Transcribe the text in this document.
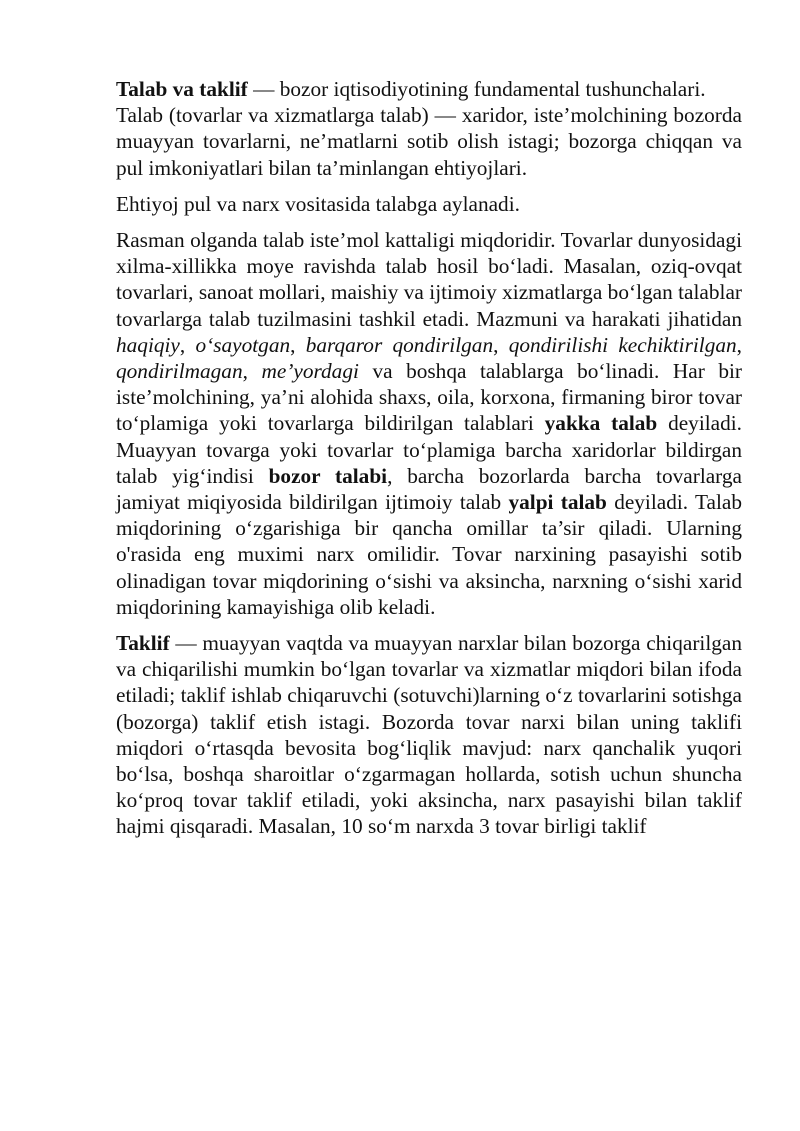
Talab va taklif — bozor iqtisodiyotining fundamental tushunchalari.

Talab (tovarlar va xizmatlarga talab) — xaridor, iste’molchining bozorda muayyan tovarlarni, ne’matlarni sotib olish istagi; bozorga chiqqan va pul imkoniyatlari bilan ta’minlangan ehtiyojlari.

Ehtiyoj pul va narx vositasida talabga aylanadi.

Rasman olganda talab iste’mol kattaligi miqdoridir. Tovarlar dunyosidagi xilma-xillikka moye ravishda talab hosil bo‘ladi. Masalan, oziq-ovqat tovarlari, sanoat mollari, maishiy va ijtimoiy xizmatlarga bo‘lgan talablar tovarlarga talab tuzilmasini tashkil etadi. Mazmuni va harakati jihatidan haqiqiy, o‘sayotgan, barqaror qondirilgan, qondirilishi kechiktirilgan, qondirilmagan, me’yordagi va boshqa talablarga bo‘linadi. Har bir iste’molchining, ya’ni alohida shaxs, oila, korxona, firmaning biror tovar to‘plamiga yoki tovarlarga bildirilgan talablari yakka talab deyiladi. Muayyan tovarga yoki tovarlar to‘plamiga barcha xaridorlar bildirgan talab yig‘indisi bozor talabi, barcha bozorlarda barcha tovarlarga jamiyat miqiyosida bildirilgan ijtimoiy talab yalpi talab deyiladi. Talab miqdorining o‘zgarishiga bir qancha omillar ta’sir qiladi. Ularning o'rasida eng muximi narx omilidir. Tovar narxining pasayishi sotib olinadigan tovar miqdorining o‘sishi va aksincha, narxning o‘sishi xarid miqdorining kamayishiga olib keladi.

Taklif — muayyan vaqtda va muayyan narxlar bilan bozorga chiqarilgan va chiqarilishi mumkin bo‘lgan tovarlar va xizmatlar miqdori bilan ifoda etiladi; taklif ishlab chiqaruvchi (sotuvchi)larning o‘z tovarlarini sotishga (bozorga) taklif etish istagi. Bozorda tovar narxi bilan uning taklifi miqdori o‘rtasqda bevosita bog‘liqlik mavjud: narx qanchalik yuqori bo‘lsa, boshqa sharoitlar o‘zgarmagan hollarda, sotish uchun shuncha ko‘proq tovar taklif etiladi, yoki aksincha, narx pasayishi bilan taklif hajmi qisqaradi. Masalan, 10 so‘m narxda 3 tovar birligi taklif
